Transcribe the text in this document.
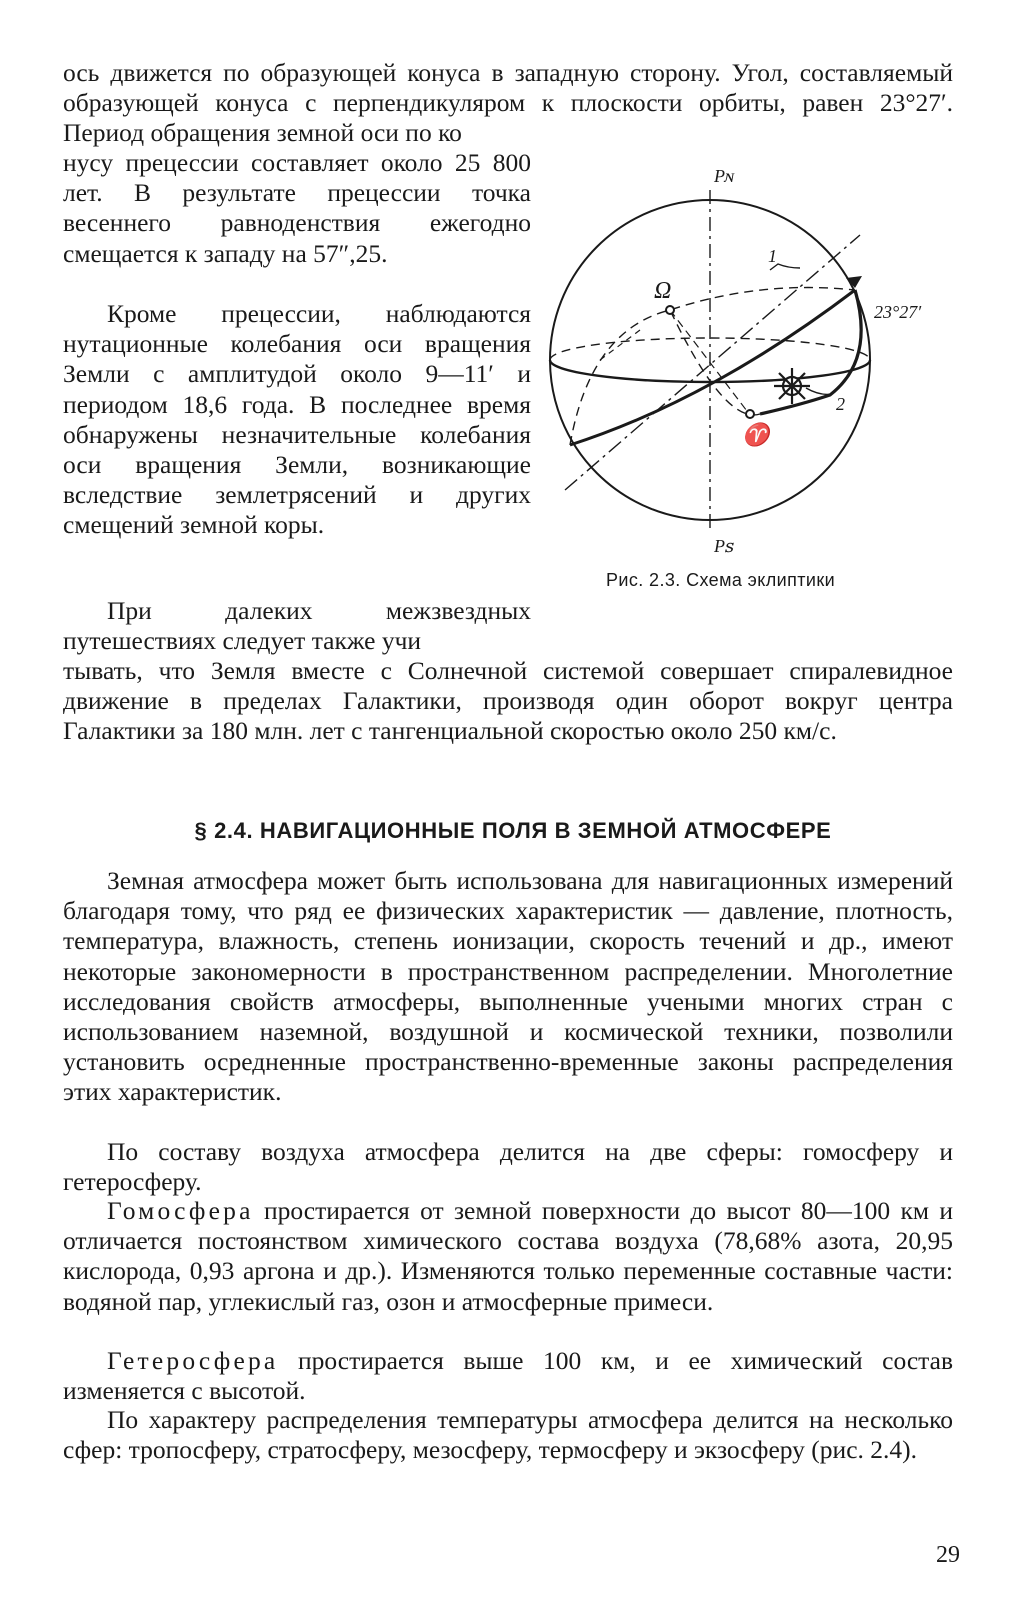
ось движется по образующей конуса в западную сторону. Угол, составляемый образующей конуса с перпендикуляром к плоскости орбиты, равен 23°27′. Период обращения земной оси по ко
нусу прецессии составляет около 25 800 лет. В результате прецессии точка весеннего равноденствия ежегодно смещается к западу на 57″,25.
Кроме прецессии, наблюдаются нутационные колебания оси вращения Земли с амплитудой около 9—11′ и периодом 18,6 года. В последнее время обнаружены незначительные колебания оси вращения Земли, возникающие вследствие землетрясений и других смещений земной коры.
При далеких межзвездных путешествиях следует также учи
тывать, что Земля вместе с Солнечной системой совершает спиралевидное движение в пределах Галактики, производя один оборот вокруг центра Галактики за 180 млн. лет с тангенциальной скоростью около 250 км/с.
Pɴ
Pꜱ
Ω
23°27′
1
2
♈

Рис. 2.3. Схема эклиптики

§ 2.4. НАВИГАЦИОННЫЕ ПОЛЯ В ЗЕМНОЙ АТМОСФЕРЕ
Земная атмосфера может быть использована для навигационных измерений благодаря тому, что ряд ее физических характеристик — давление, плотность, температура, влажность, степень ионизации, скорость течений и др., имеют некоторые закономерности в пространственном распределении. Многолетние исследования свойств атмосферы, выполненные учеными многих стран с использованием наземной, воздушной и космической техники, позволили установить осредненные пространственно-временные законы распределения этих характеристик.
По составу воздуха атмосфера делится на две сферы: гомосферу и гетеросферу.
Гомосфера простирается от земной поверхности до высот 80—100 км и отличается постоянством химического состава воздуха (78,68% азота, 20,95 кислорода, 0,93 аргона и др.). Изменяются только переменные составные части: водяной пар, углекислый газ, озон и атмосферные примеси.
Гетеросфера простирается выше 100 км, и ее химический состав изменяется с высотой.
По характеру распределения температуры атмосфера делится на несколько сфер: тропосферу, стратосферу, мезосферу, термосферу и экзосферу (рис. 2.4).

29
